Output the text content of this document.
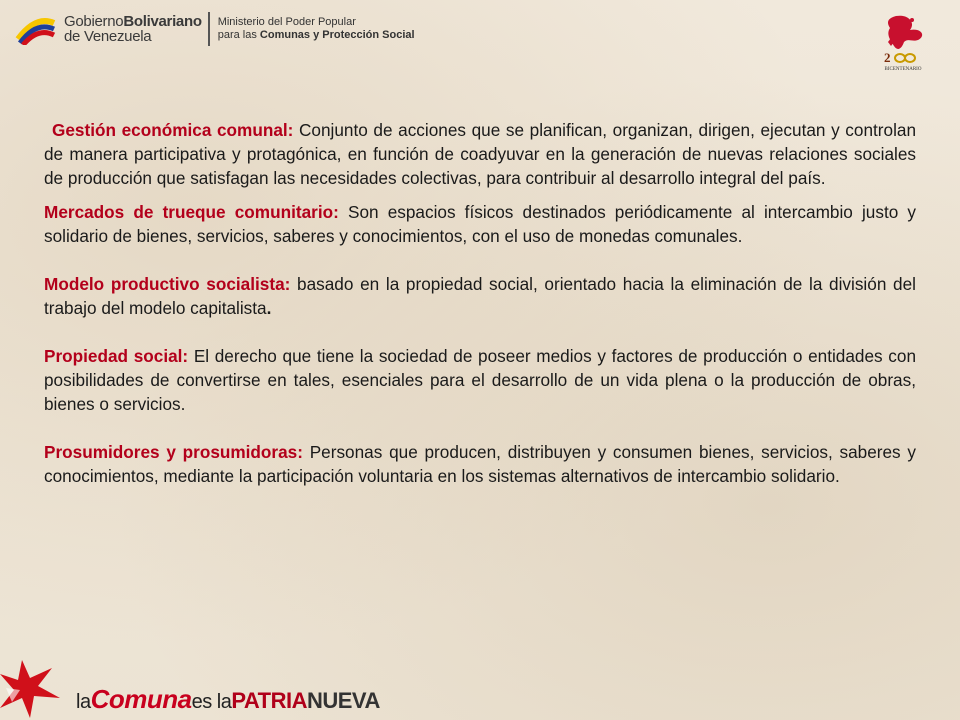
GobiernoBolivariano
de Venezuela
Ministerio del Poder Popular
para las Comunas y Protección Social
2
BICENTENARIO

Gestión económica comunal: Conjunto de acciones que se planifican, organizan, dirigen, ejecutan y controlan de manera participativa y protagónica, en función de coadyuvar en la generación de nuevas relaciones sociales de producción que satisfagan las necesidades colectivas, para contribuir al desarrollo integral del país.

Mercados de trueque comunitario: Son espacios físicos destinados periódicamente al intercambio justo y solidario de bienes, servicios, saberes y conocimientos, con el uso de monedas comunales.

Modelo productivo socialista: basado en la propiedad social, orientado hacia la eliminación de la división del trabajo del modelo capitalista.

Propiedad social: El derecho que tiene la sociedad de poseer medios y factores de producción o entidades con posibilidades de convertirse en tales, esenciales para el desarrollo de un vida plena o la producción de obras, bienes o servicios.

Prosumidores y prosumidoras: Personas que producen, distribuyen y consumen bienes, servicios, saberes y conocimientos, mediante la participación voluntaria en los sistemas alternativos de intercambio solidario.

laComunaes laPATRIANUEVA
